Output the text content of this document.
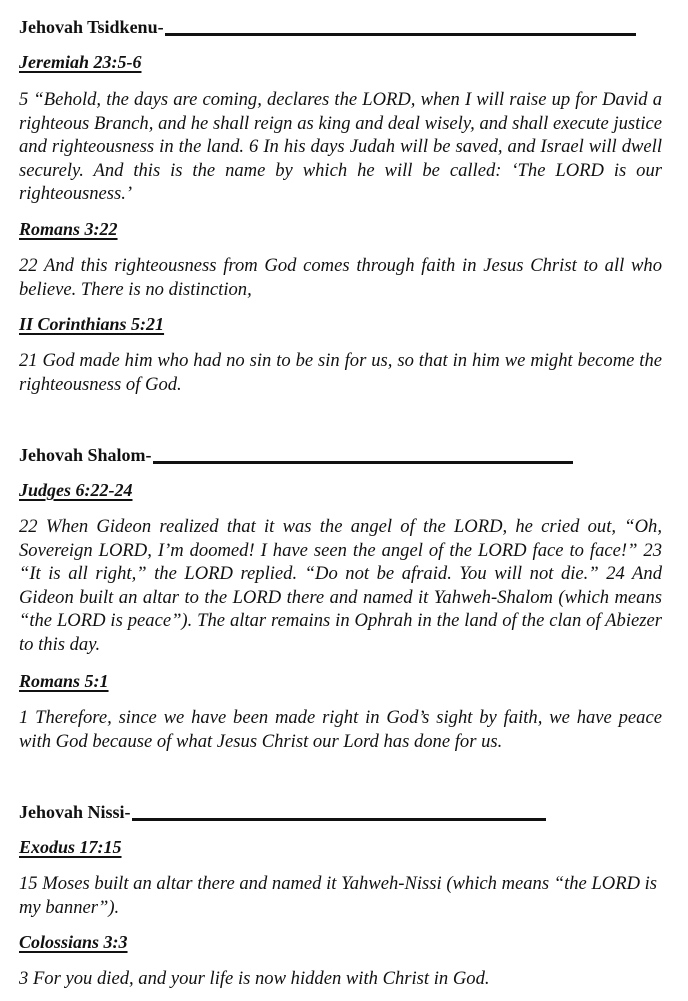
Jehovah Tsidkenu-
Jeremiah 23:5-6

5 “Behold, the days are coming, declares the LORD, when I will raise up for David a righteous Branch, and he shall reign as king and deal wisely, and shall execute justice and righteousness in the land. 6 In his days Judah will be saved, and Israel will dwell securely. And this is the name by which he will be called: ‘The LORD is our righteousness.’

Romans 3:22

22 And this righteousness from God comes through faith in Jesus Christ to all who believe. There is no distinction,

II Corinthians 5:21

21 God made him who had no sin to be sin for us, so that in him we might become the righteousness of God.

Jehovah Shalom-
Judges 6:22-24

22 When Gideon realized that it was the angel of the LORD, he cried out, “Oh, Sovereign LORD, I’m doomed! I have seen the angel of the LORD face to face!” 23 “It is all right,” the LORD replied. “Do not be afraid. You will not die.” 24 And Gideon built an altar to the LORD there and named it Yahweh-Shalom (which means “the LORD is peace”). The altar remains in Ophrah in the land of the clan of Abiezer to this day.

Romans 5:1

1 Therefore, since we have been made right in God’s sight by faith, we have peace with God because of what Jesus Christ our Lord has done for us.

Jehovah Nissi-
Exodus 17:15

15 Moses built an altar there and named it Yahweh-Nissi (which means “the LORD is my banner”).

Colossians 3:3

3 For you died, and your life is now hidden with Christ in God.
